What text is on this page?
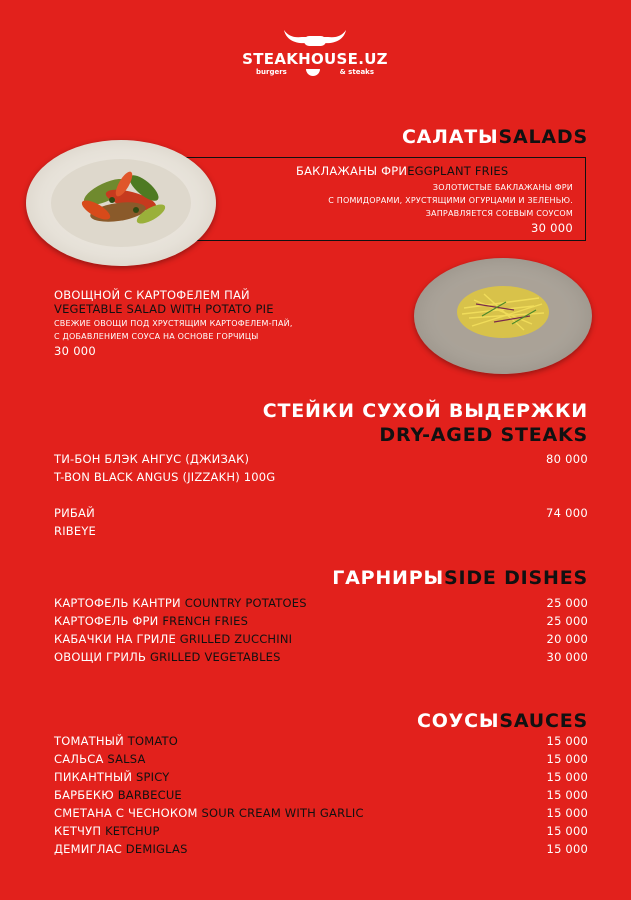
STEAKHOUSE.UZ
burgers	& steaks
САЛАТЫSALADS
БАКЛАЖАНЫ ФРИEGGPLANT FRIES
ЗОЛОТИСТЫЕ БАКЛАЖАНЫ ФРИ
С ПОМИДОРАМИ, ХРУСТЯЩИМИ ОГУРЦАМИ И ЗЕЛЕНЬЮ.
ЗАПРАВЛЯЕТСЯ СОЕВЫМ СОУСОМ
30 000
ОВОЩНОЙ С КАРТОФЕЛЕМ ПАЙ
VEGETABLE SALAD WITH POTATO PIE
СВЕЖИЕ ОВОЩИ ПОД ХРУСТЯЩИМ КАРТОФЕЛЕМ-ПАЙ,
С ДОБАВЛЕНИЕМ СОУСА НА ОСНОВЕ ГОРЧИЦЫ
30 000
СТЕЙКИ СУХОЙ ВЫДЕРЖКИ
DRY-AGED STEAKS
ТИ-БОН БЛЭК АНГУС (ДЖИЗАК)	80 000
T-BON BLACK ANGUS (JIZZAKH) 100G
РИБАЙ	74 000
RIBEYE
ГАРНИРЫSIDE DISHES
КАРТОФЕЛЬ КАНТРИ COUNTRY POTATOES	25 000
КАРТОФЕЛЬ ФРИ FRENCH FRIES	25 000
КАБАЧКИ НА ГРИЛЕ GRILLED ZUCCHINI	20 000
ОВОЩИ ГРИЛЬ GRILLED VEGETABLES	30 000
СОУСЫSAUCES
ТОМАТНЫЙ TOMATO	15 000
САЛЬСА SALSA	15 000
ПИКАНТНЫЙ SPICY	15 000
БАРБЕКЮ BARBECUE	15 000
СМЕТАНА С ЧЕСНОКОМ SOUR CREAM WITH GARLIC	15 000
КЕТЧУП KETCHUP	15 000
ДЕМИГЛАС DEMIGLAS	15 000
